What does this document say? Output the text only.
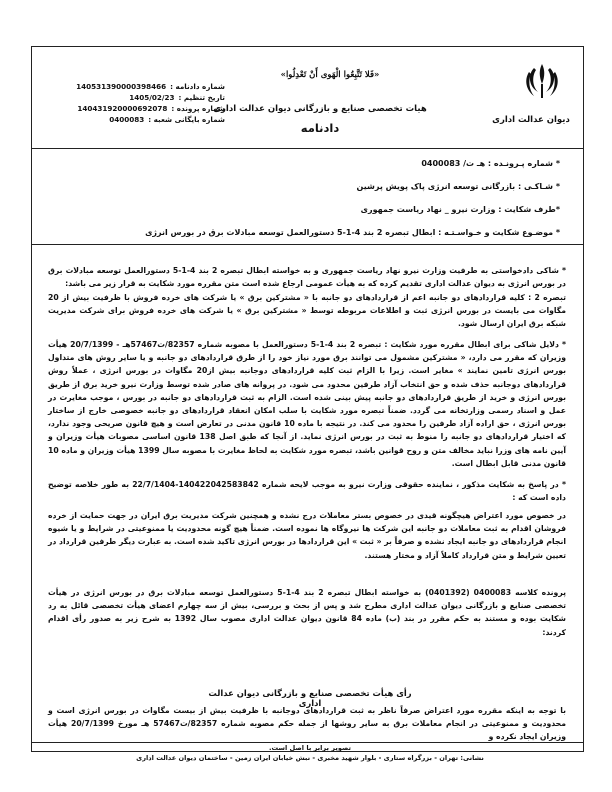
«فَلا تَتَّبِعُوا الْهَوى أَنْ تَعْدِلُوا»
دیوان عدالت اداری
هیات تخصصی صنایع و بازرگانی دیوان عدالت اداری
دادنامه
شماره دادنامه :
140531390000398466
تاریخ تنظیم :
1405/02/23
شماره پرونده :
140431920000692078
شماره بایگانی شعبه :
0400083
* شماره پـرونـده : هـ ت/ 0400083
* شـاکـی : بازرگانی توسعه انرژی پاک پویش پرشین
*طرف شکایت : وزارت نیرو _ نهاد ریاست جمهوری
* موضـوع شکایت و خـواسـتـه : ابطال تبصره 2 بند 4-1-5 دستورالعمل توسعه مبادلات برق در بورس انرژی
* شاکی دادخواستی به طرفیت وزارت نیرو نهاد ریاست جمهوری و به خواسته ابطال تبصره 2 بند 4-1-5 دستورالعمل توسعه مبادلات برق در بورس انرژی به دیوان عدالت اداری تقدیم کرده که به هیأت عمومی ارجاع شده است متن مقرره مورد شکایت به قرار زیر می باشد:
تبصره 2 : کلیه قراردادهای دو جانبه اعم از قراردادهای دو جانبه با « مشترکین برق » یا شرکت های خرده فروش با ظرفیت بیش از 20 مگاوات می بایست در بورس انرژی ثبت و اطلاعات مربوطه توسط « مشترکین برق » یا شرکت های خرده فروش برای شرکت مدیریت شبکه برق ایران ارسال شود.
* دلایل شاکی برای ابطال مقرره مورد شکایت : تبصره 2 بند 4-1-5 دستورالعمل با مصوبه شماره 82357/ت57467هـ - 20/7/1399 هیأت وزیران که مقرر می دارد، « مشترکین مشمول می توانند برق مورد نیاز خود را از طرق قراردادهای دو جانبه و یا سایر روش های متداول بورس انرژی تامین نمایند » مغایر است. زیرا با الزام ثبت کلیه قراردادهای دوجانبه بیش از20 مگاوات در بورس انرژی ، عملاً روش قراردادهای دوجانبه حذف شده و حق انتخاب آزاد طرفین محدود می شود. در پروانه های صادر شده توسط وزارت نیرو خرید برق از طریق بورس انرژی و خرید از طریق قراردادهای دو جانبه پیش بینی شده است. الزام به ثبت قراردادهای دو جانبه در بورس ، موجب مغایرت در عمل و اسناد رسمی وزارتخانه می گردد. ضمناً تبصره مورد شکایت با سلب امکان انعقاد قراردادهای دو جانبه خصوصی خارج از ساختار بورس انرژی ، حق اراده آزاد طرفین را محدود می کند. در نتیجه با ماده 10 قانون مدنی در تعارض است و هیچ قانون صریحی وجود ندارد، که اختیار قراردادهای دو جانبه را منوط به ثبت در بورس انرژی نماید. از آنجا که طبق اصل 138 قانون اساسی مصوبات هیأت وزیران و آیین نامه های وزرا نباید مخالف متن و روح قوانین باشد، تبصره مورد شکایت به لحاظ مغایرت با مصوبه سال 1399 هیأت وزیران و ماده 10 قانون مدنی قابل ابطال است.
* در پاسخ به شکایت مذکور ، نماینده حقوقی وزارت نیرو به موجب لایحه شماره 140422042583842-22/7/1404 به طور خلاصه توضیح داده است که :
در خصوص مورد اعتراض هیچگونه قیدی در خصوص بستر معاملات درج نشده و همچنین شرکت مدیریت برق ایران در جهت حمایت از خرده فروشان اقدام به ثبت معاملات دو جانبه این شرکت ها نیروگاه ها نموده است. ضمناً هیچ گونه محدودیت یا ممنوعیتی در شرایط و یا شیوه انجام قراردادهای دو جانبه ایجاد نشده و صرفاً بر « ثبت » این قراردادها در بورس انرژی تاکید شده است. به عبارت دیگر طرفین قرارداد در تعیین شرایط و متن قرارداد کاملاً آزاد و مختار هستند.
پرونده کلاسه 0400083 (0401392) به خواسته ابطال تبصره 2 بند 4-1-5 دستورالعمل توسعه مبادلات برق در بورس انرژی در هیأت تخصصی صنایع و بازرگانی دیوان عدالت اداری مطرح شد و پس از بحث و بررسی، بیش از سه چهارم اعضای هیأت تخصصی قائل به رد شکایت بوده و مستند به حکم مقرر در بند (ب) ماده 84 قانون دیوان عدالت اداری مصوب سال 1392 به شرح زیر به صدور رأی اقدام کردند:
رأی هیأت تخصصی صنایع و بازرگانی دیوان عدالت اداری
با توجه به اینکه مقرره مورد اعتراض صرفاً ناظر به ثبت قراردادهای دوجانبه با ظرفیت بیش از بیست مگاوات در بورس انرژی است و محدودیت و ممنوعیتی در انجام معاملات برق به سایر روشها از جمله حکم مصوبه شماره 82357/ت57467 هـ مورخ 20/7/1399 هیأت وزیران ایجاد نکرده و
تصویر برابر با اصل است.
نشانی: تهران - بزرگراه ستاری - بلوار شهید مخبری - نبش خیابان ایران زمین - ساختمان دیوان عدالت اداری
